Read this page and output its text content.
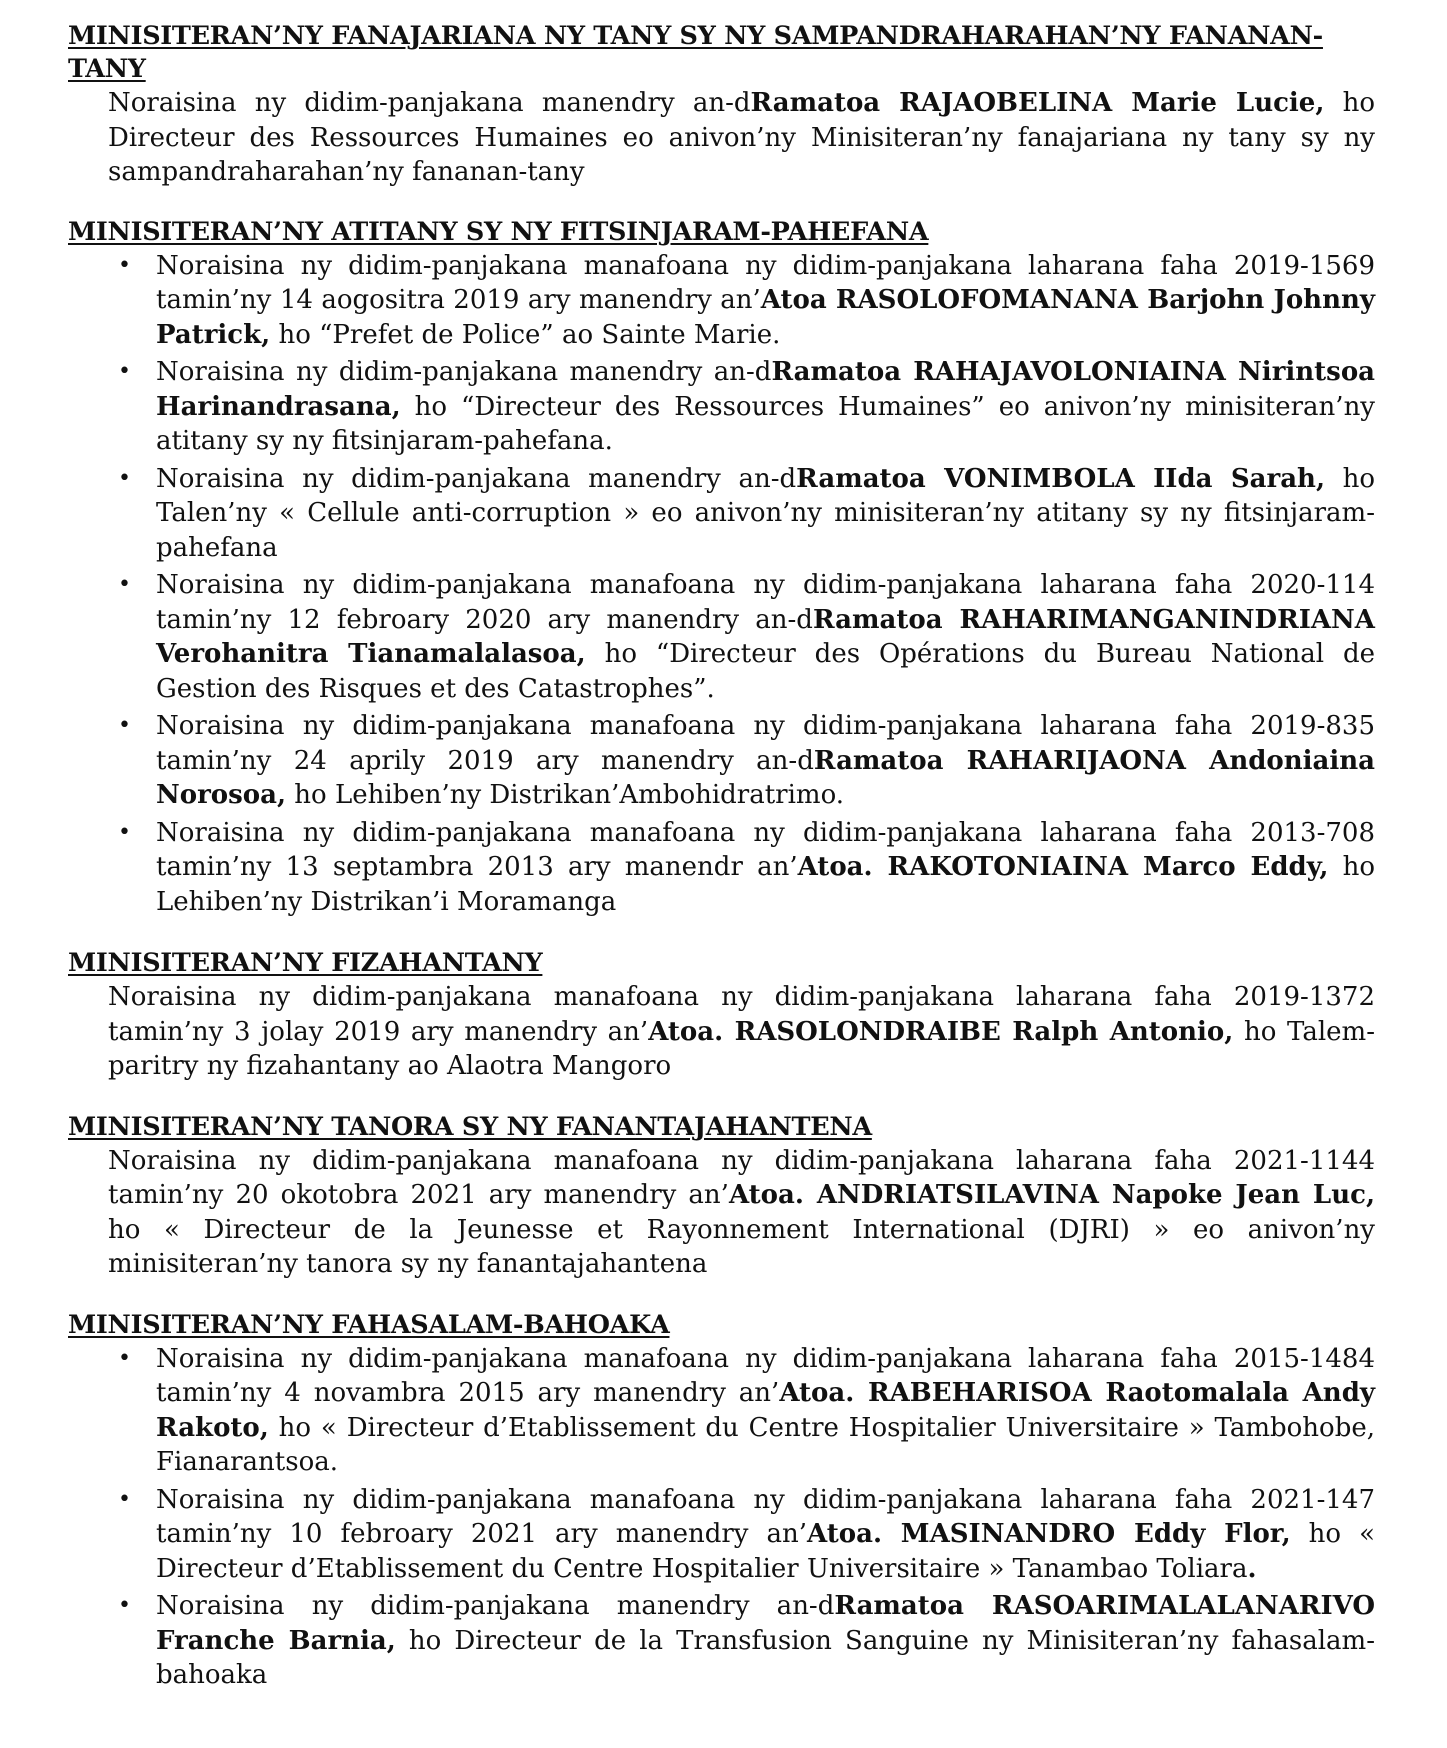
MINISITERAN’NY FANAJARIANA NY TANY SY NY SAMPANDRAHARAHAN’NY FANANAN-TANY

Noraisina ny didim-panjakana manendry an-dRamatoa RAJAOBELINA Marie Lucie, ho Directeur des Ressources Humaines eo anivon’ny Minisiteran’ny fanajariana ny tany sy ny sampandraharahan’ny fananan-tany

MINISITERAN’NY ATITANY SY NY FITSINJARAM-PAHEFANA

• Noraisina ny didim-panjakana manafoana ny didim-panjakana laharana faha 2019-1569 tamin’ny 14 aogositra 2019 ary manendry an’Atoa RASOLOFOMANANA Barjohn Johnny Patrick, ho “Prefet de Police” ao Sainte Marie.
• Noraisina ny didim-panjakana manendry an-dRamatoa RAHAJAVOLONIAINA Nirintsoa Harinandrasana, ho “Directeur des Ressources Humaines” eo anivon’ny minisiteran’ny atitany sy ny fitsinjaram-pahefana.
• Noraisina ny didim-panjakana manendry an-dRamatoa VONIMBOLA IIda Sarah, ho Talen’ny « Cellule anti-corruption » eo anivon’ny minisiteran’ny atitany sy ny fitsinjaram-pahefana
• Noraisina ny didim-panjakana manafoana ny didim-panjakana laharana faha 2020-114 tamin’ny 12 febroary 2020 ary manendry an-dRamatoa RAHARIMANGANINDRIANA Verohanitra Tianamalalasoa, ho “Directeur des Opérations du Bureau National de Gestion des Risques et des Catastrophes”.
• Noraisina ny didim-panjakana manafoana ny didim-panjakana laharana faha 2019-835 tamin’ny 24 aprily 2019 ary manendry an-dRamatoa RAHARIJAONA Andoniaina Norosoa, ho Lehiben’ny Distrikan’Ambohidratrimo.
• Noraisina ny didim-panjakana manafoana ny didim-panjakana laharana faha 2013-708 tamin’ny 13 septambra 2013 ary manendr an’Atoa. RAKOTONIAINA Marco Eddy, ho Lehiben’ny Distrikan’i Moramanga

MINISITERAN’NY FIZAHANTANY

Noraisina ny didim-panjakana manafoana ny didim-panjakana laharana faha 2019-1372 tamin’ny 3 jolay 2019 ary manendry an’Atoa. RASOLONDRAIBE Ralph Antonio, ho Talem-paritry ny fizahantany ao Alaotra Mangoro

MINISITERAN’NY TANORA SY NY FANANTAJAHANTENA

Noraisina ny didim-panjakana manafoana ny didim-panjakana laharana faha 2021-1144 tamin’ny 20 okotobra 2021 ary manendry an’Atoa. ANDRIATSILAVINA Napoke Jean Luc, ho « Directeur de la Jeunesse et Rayonnement International (DJRI) » eo anivon’ny minisiteran’ny tanora sy ny fanantajahantena

MINISITERAN’NY FAHASALAM-BAHOAKA

• Noraisina ny didim-panjakana manafoana ny didim-panjakana laharana faha 2015-1484 tamin’ny 4 novambra 2015 ary manendry an’Atoa. RABEHARISOA Raotomalala Andy Rakoto, ho « Directeur d’Etablissement du Centre Hospitalier Universitaire » Tambohobe, Fianarantsoa.
• Noraisina ny didim-panjakana manafoana ny didim-panjakana laharana faha 2021-147 tamin’ny 10 febroary 2021 ary manendry an’Atoa. MASINANDRO Eddy Flor, ho « Directeur d’Etablissement du Centre Hospitalier Universitaire » Tanambao Toliara.
• Noraisina ny didim-panjakana manendry an-dRamatoa RASOARIMALALANARIVO Franche Barnia, ho Directeur de la Transfusion Sanguine ny Minisiteran’ny fahasalam-bahoaka
